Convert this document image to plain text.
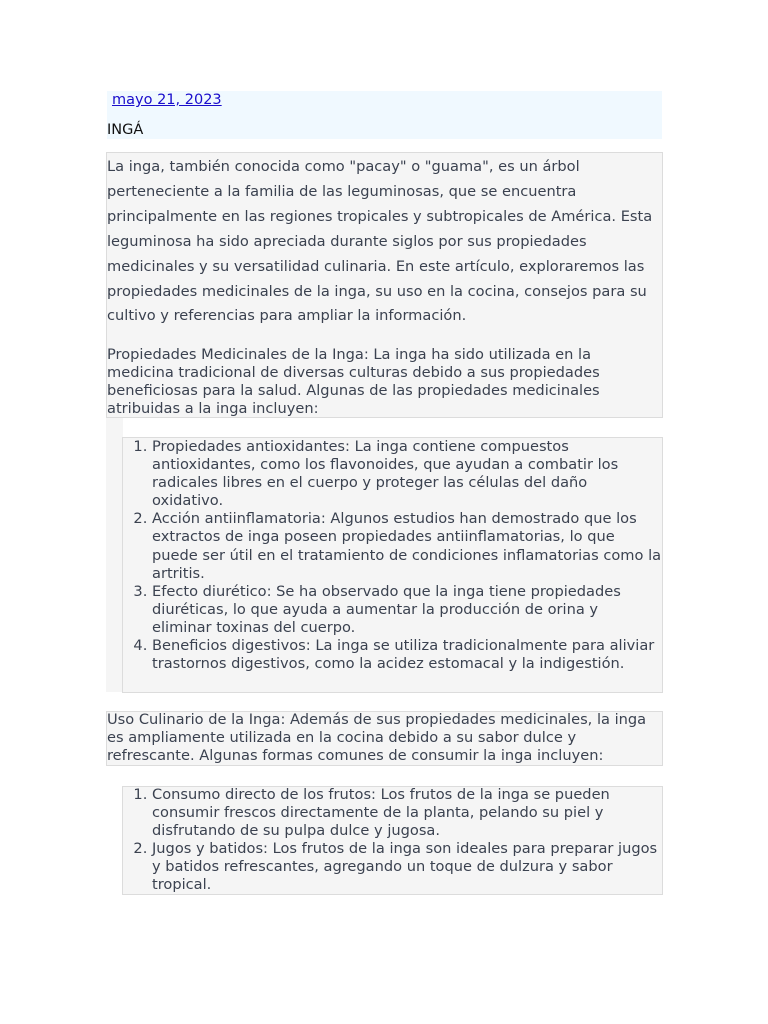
mayo 21, 2023
INGÁ

La inga, también conocida como "pacay" o "guama", es un árbol perteneciente a la familia de las leguminosas, que se encuentra principalmente en las regiones tropicales y subtropicales de América. Esta leguminosa ha sido apreciada durante siglos por sus propiedades medicinales y su versatilidad culinaria. En este artículo, exploraremos las propiedades medicinales de la inga, su uso en la cocina, consejos para su cultivo y referencias para ampliar la información.

Propiedades Medicinales de la Inga: La inga ha sido utilizada en la medicina tradicional de diversas culturas debido a sus propiedades beneficiosas para la salud. Algunas de las propiedades medicinales atribuidas a la inga incluyen:

1. Propiedades antioxidantes: La inga contiene compuestos antioxidantes, como los flavonoides, que ayudan a combatir los radicales libres en el cuerpo y proteger las células del daño oxidativo.
2. Acción antiinflamatoria: Algunos estudios han demostrado que los extractos de inga poseen propiedades antiinflamatorias, lo que puede ser útil en el tratamiento de condiciones inflamatorias como la artritis.
3. Efecto diurético: Se ha observado que la inga tiene propiedades diuréticas, lo que ayuda a aumentar la producción de orina y eliminar toxinas del cuerpo.
4. Beneficios digestivos: La inga se utiliza tradicionalmente para aliviar trastornos digestivos, como la acidez estomacal y la indigestión.

Uso Culinario de la Inga: Además de sus propiedades medicinales, la inga es ampliamente utilizada en la cocina debido a su sabor dulce y refrescante. Algunas formas comunes de consumir la inga incluyen:

1. Consumo directo de los frutos: Los frutos de la inga se pueden consumir frescos directamente de la planta, pelando su piel y disfrutando de su pulpa dulce y jugosa.
2. Jugos y batidos: Los frutos de la inga son ideales para preparar jugos y batidos refrescantes, agregando un toque de dulzura y sabor tropical.
